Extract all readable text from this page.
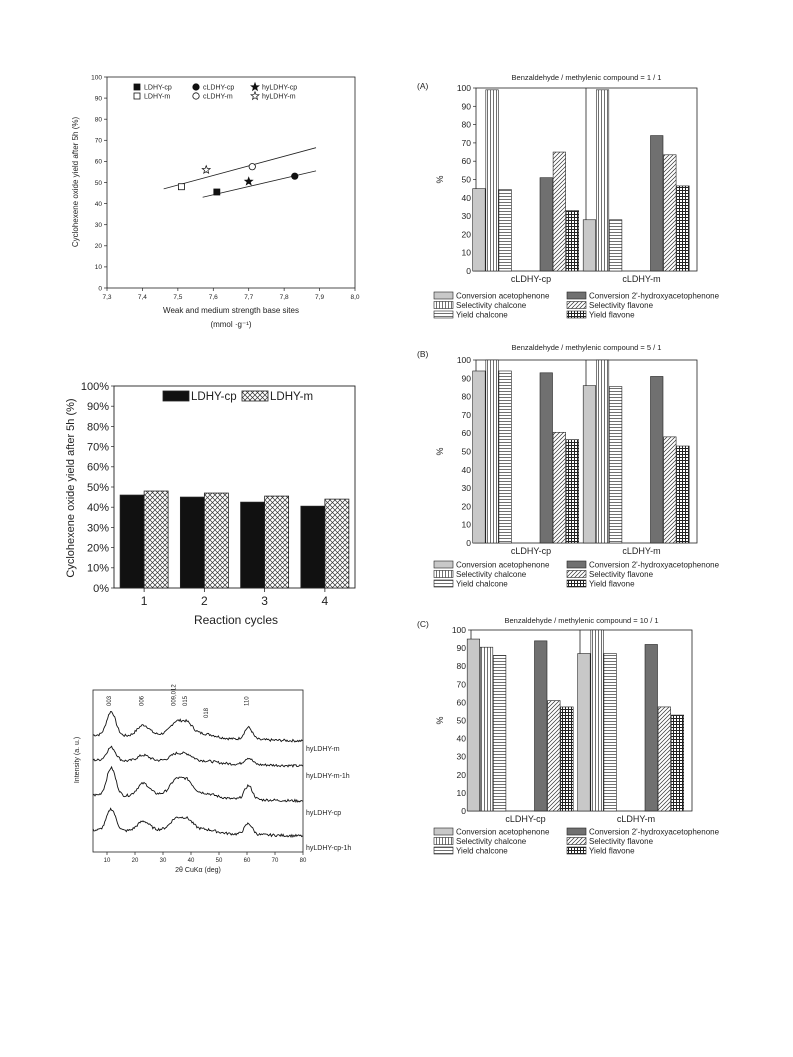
0
10
20
30
40
50
60
70
80
90
100
7,3	7,4	7,5	7,6	7,7	7,8	7,9	8,0
LDHY-cp	cLDHY-cp	hyLDHY-cp
LDHY-m	cLDHY-m	hyLDHY-m
Weak and medium strength base sites
(mmol ·g⁻¹)
Cyclohexene oxide yield after 5h (%)
0%
10%
20%
30%
40%
50%
60%
70%
80%
90%
100%
1	2	3	4
LDHY-cp	LDHY-m
Reaction cycles
Cyclohexene oxide yield after 5h (%)
10	20	30	40	50	60	70	80
003	006	009,012 015
018
110
hyLDHY-m
hyLDHY-m-1h
hyLDHY-cp
hyLDHY-cp-1h
2θ CuKα (deg)
Intensity (a. u.)
(A)
Benzaldehyde / methylenic compound = 1 / 1
0
10
20
30
40
50
60
70
80
90
100
%
cLDHY-cp	cLDHY-m
Conversion acetophenone	Conversion 2'-hydroxyacetophenone
Selectivity chalcone	Selectivity flavone
Yield chalcone	Yield flavone
(B)
Benzaldehyde / methylenic compound = 5 / 1
0
10
20
30
40
50
60
70
80
90
100
%
cLDHY-cp	cLDHY-m
Conversion acetophenone	Conversion 2'-hydroxyacetophenone
Selectivity chalcone	Selectivity flavone
Yield chalcone	Yield flavone
(C)	Benzaldehyde / methylenic compound = 10 / 1
0
10
20
30
40
50
60
70
80
90
100
%
cLDHY-cp	cLDHY-m
Conversion acetophenone	Conversion 2'-hydroxyacetophenone
Selectivity chalcone	Selectivity flavone
Yield chalcone	Yield flavone
